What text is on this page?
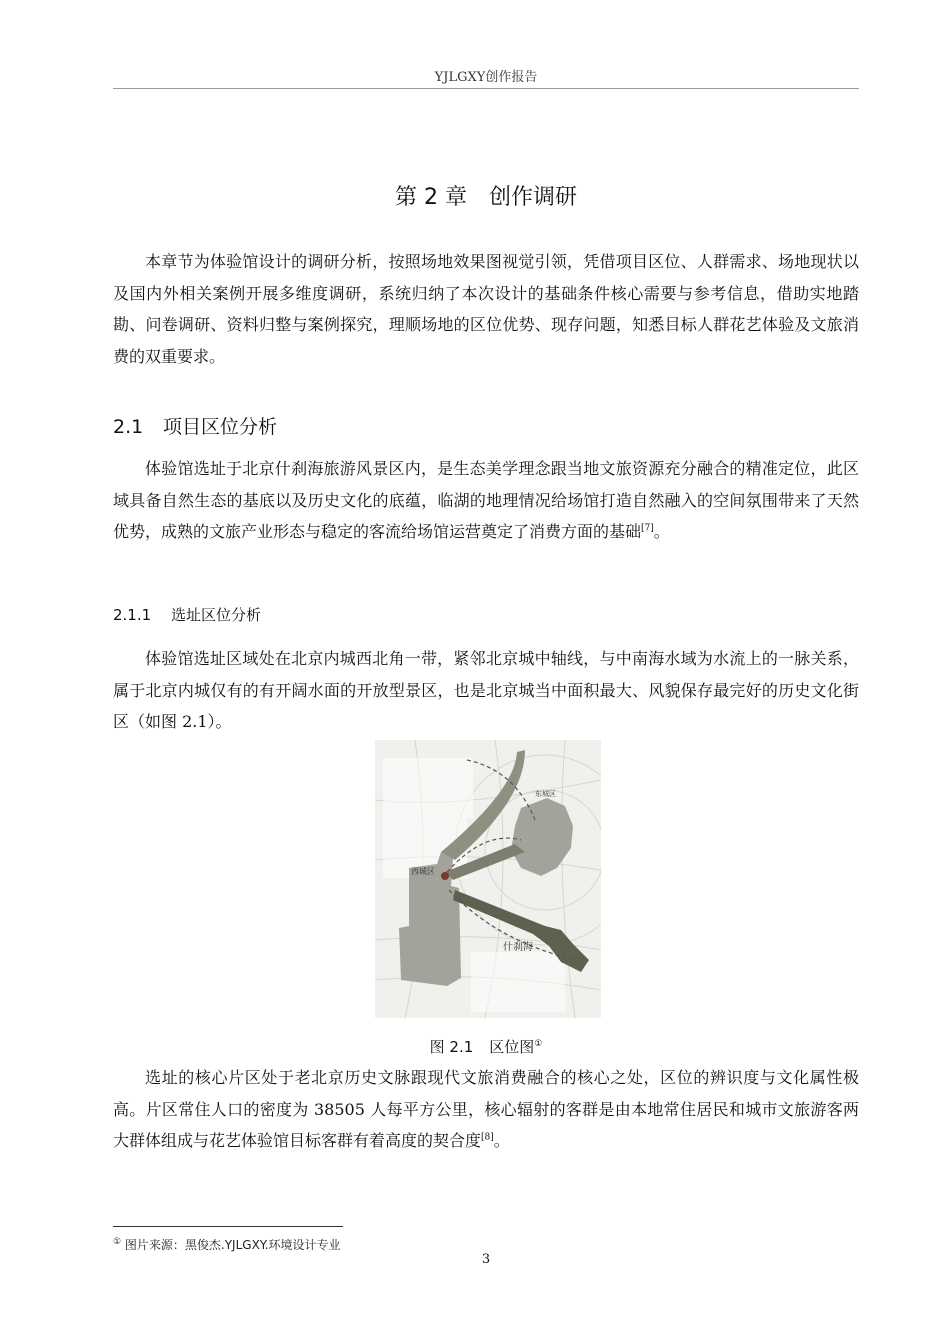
YJLGXY创作报告
第 2 章　创作调研

本章节为体验馆设计的调研分析，按照场地效果图视觉引领，凭借项目区位、人群需求、场地现状以及国内外相关案例开展多维度调研，系统归纳了本次设计的基础条件核心需要与参考信息，借助实地踏勘、问卷调研、资料归整与案例探究，理顺场地的区位优势、现存问题，知悉目标人群花艺体验及文旅消费的双重要求。

2.1 项目区位分析

体验馆选址于北京什刹海旅游风景区内，是生态美学理念跟当地文旅资源充分融合的精准定位，此区域具备自然生态的基底以及历史文化的底蕴，临湖的地理情况给场馆打造自然融入的空间氛围带来了天然优势，成熟的文旅产业形态与稳定的客流给场馆运营奠定了消费方面的基础[7]。

2.1.1 选址区位分析

体验馆选址区域处在北京内城西北角一带，紧邻北京城中轴线，与中南海水域为水流上的一脉关系，属于北京内城仅有的有开阔水面的开放型景区，也是北京城当中面积最大、风貌保存最完好的历史文化街区（如图 2.1）。

西城区
什刹海
东城区
图 2.1 区位图①

选址的核心片区处于老北京历史文脉跟现代文旅消费融合的核心之处，区位的辨识度与文化属性极高。片区常住人口的密度为 38505 人每平方公里，核心辐射的客群是由本地常住居民和城市文旅游客两大群体组成与花艺体验馆目标客群有着高度的契合度[8]。

① 图片来源：黑俊杰.YJLGXY.环境设计专业
3
